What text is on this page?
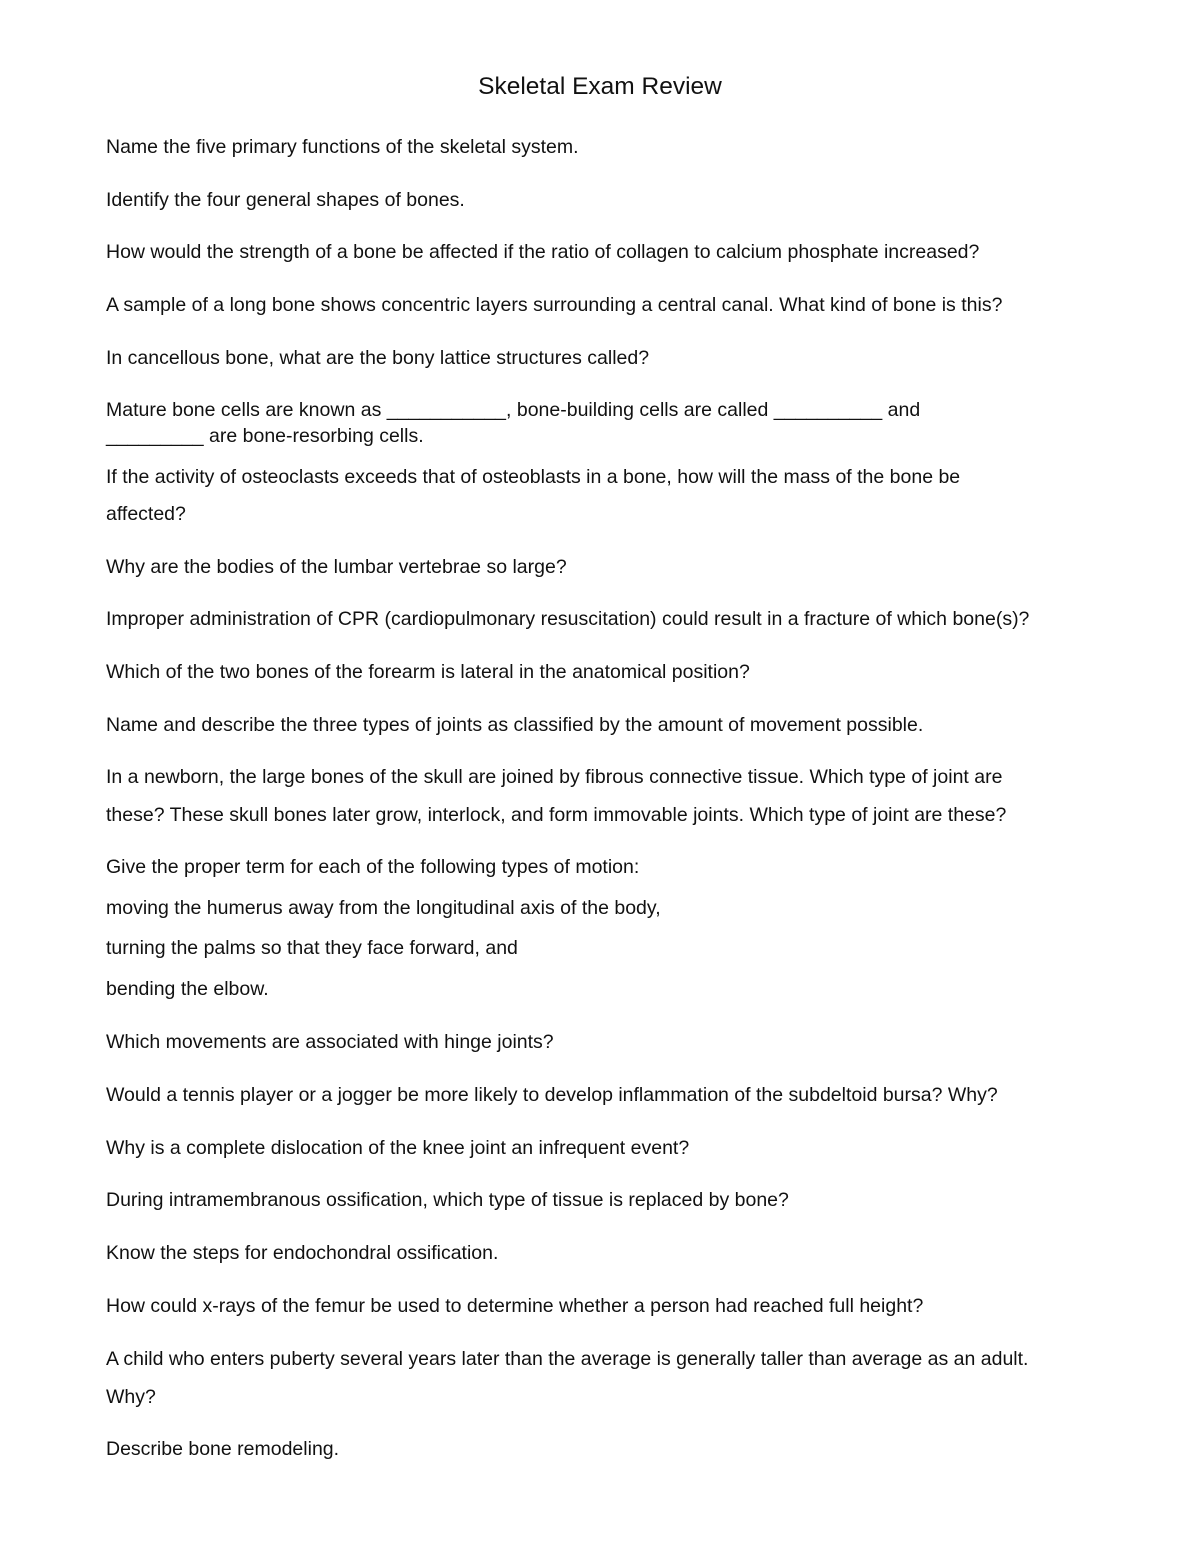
Skeletal Exam Review
Name the five primary functions of the skeletal system.
Identify the four general shapes of bones.
How would the strength of a bone be affected if the ratio of collagen to calcium phosphate increased?
A sample of a long bone shows concentric layers surrounding a central canal. What kind of bone is this?
In cancellous bone, what are the bony lattice structures called?
Mature bone cells are known as ___________, bone-building cells are called __________ and
_________ are bone-resorbing cells.
If the activity of osteoclasts exceeds that of osteoblasts in a bone, how will the mass of the bone be
affected?
Why are the bodies of the lumbar vertebrae so large?
Improper administration of CPR (cardiopulmonary resuscitation) could result in a fracture of which bone(s)?
Which of the two bones of the forearm is lateral in the anatomical position?
Name and describe the three types of joints as classified by the amount of movement possible.
In a newborn, the large bones of the skull are joined by fibrous connective tissue. Which type of joint are
these? These skull bones later grow, interlock, and form immovable joints. Which type of joint are these?
Give the proper term for each of the following types of motion:
moving the humerus away from the longitudinal axis of the body,
turning the palms so that they face forward, and
bending the elbow.
Which movements are associated with hinge joints?
Would a tennis player or a jogger be more likely to develop inflammation of the subdeltoid bursa? Why?
Why is a complete dislocation of the knee joint an infrequent event?
During intramembranous ossification, which type of tissue is replaced by bone?
Know the steps for endochondral ossification.
How could x-rays of the femur be used to determine whether a person had reached full height?
A child who enters puberty several years later than the average is generally taller than average as an adult.
Why?
Describe bone remodeling.
